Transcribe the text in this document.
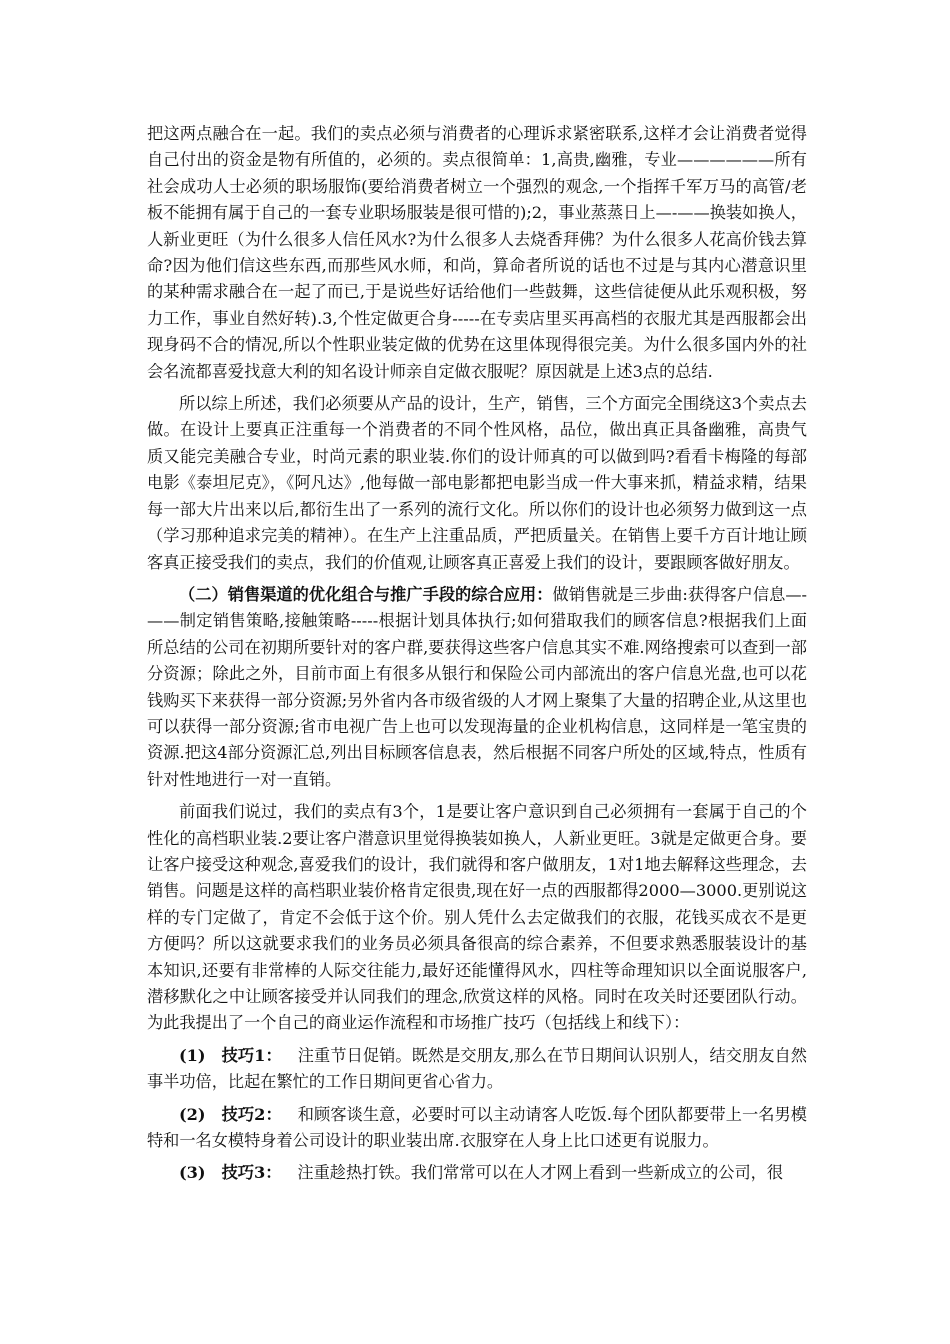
把这两点融合在一起。我们的卖点必须与消费者的心理诉求紧密联系,这样才会让消费者觉得自己付出的资金是物有所值的，必须的。卖点很简单：1,高贵,幽雅，专业——————所有社会成功人士必须的职场服饰(要给消费者树立一个强烈的观念,一个指挥千军万马的高管/老板不能拥有属于自己的一套专业职场服装是很可惜的);2，事业蒸蒸日上—-——换装如换人，人新业更旺（为什么很多人信任风水?为什么很多人去烧香拜佛？为什么很多人花高价钱去算命?因为他们信这些东西,而那些风水师，和尚，算命者所说的话也不过是与其内心潜意识里的某种需求融合在一起了而已,于是说些好话给他们一些鼓舞，这些信徒便从此乐观积极，努力工作，事业自然好转).3,个性定做更合身-----在专卖店里买再高档的衣服尤其是西服都会出现身码不合的情况,所以个性职业装定做的优势在这里体现得很完美。为什么很多国内外的社会名流都喜爱找意大利的知名设计师亲自定做衣服呢？原因就是上述3点的总结.

所以综上所述，我们必须要从产品的设计，生产，销售，三个方面完全围绕这3个卖点去做。在设计上要真正注重每一个消费者的不同个性风格，品位，做出真正具备幽雅，高贵气质又能完美融合专业，时尚元素的职业装.你们的设计师真的可以做到吗?看看卡梅隆的每部电影《泰坦尼克》，《阿凡达》,他每做一部电影都把电影当成一件大事来抓，精益求精，结果每一部大片出来以后,都衍生出了一系列的流行文化。所以你们的设计也必须努力做到这一点（学习那种追求完美的精神）。在生产上注重品质，严把质量关。在销售上要千方百计地让顾客真正接受我们的卖点，我们的价值观,让顾客真正喜爱上我们的设计，要跟顾客做好朋友。

（二）销售渠道的优化组合与推广手段的综合应用：做销售就是三步曲:获得客户信息—-——制定销售策略,接触策略-----根据计划具体执行;如何猎取我们的顾客信息?根据我们上面所总结的公司在初期所要针对的客户群,要获得这些客户信息其实不难.网络搜索可以查到一部分资源；除此之外，目前市面上有很多从银行和保险公司内部流出的客户信息光盘,也可以花钱购买下来获得一部分资源;另外省内各市级省级的人才网上聚集了大量的招聘企业,从这里也可以获得一部分资源;省市电视广告上也可以发现海量的企业机构信息，这同样是一笔宝贵的资源.把这4部分资源汇总,列出目标顾客信息表，然后根据不同客户所处的区域,特点，性质有针对性地进行一对一直销。

前面我们说过，我们的卖点有3个，1是要让客户意识到自己必须拥有一套属于自己的个性化的高档职业装.2要让客户潜意识里觉得换装如换人，人新业更旺。3就是定做更合身。要让客户接受这种观念,喜爱我们的设计，我们就得和客户做朋友，1对1地去解释这些理念，去销售。问题是这样的高档职业装价格肯定很贵,现在好一点的西服都得2000—3000.更别说这样的专门定做了，肯定不会低于这个价。别人凭什么去定做我们的衣服，花钱买成衣不是更方便吗？所以这就要求我们的业务员必须具备很高的综合素养，不但要求熟悉服装设计的基本知识,还要有非常棒的人际交往能力,最好还能懂得风水，四柱等命理知识以全面说服客户,潜移默化之中让顾客接受并认同我们的理念,欣赏这样的风格。同时在攻关时还要团队行动。为此我提出了一个自己的商业运作流程和市场推广技巧（包括线上和线下）：

(1) 技巧1： 注重节日促销。既然是交朋友,那么在节日期间认识别人，结交朋友自然事半功倍，比起在繁忙的工作日期间更省心省力。

(2) 技巧2： 和顾客谈生意，必要时可以主动请客人吃饭.每个团队都要带上一名男模特和一名女模特身着公司设计的职业装出席.衣服穿在人身上比口述更有说服力。

(3) 技巧3： 注重趁热打铁。我们常常可以在人才网上看到一些新成立的公司，很
